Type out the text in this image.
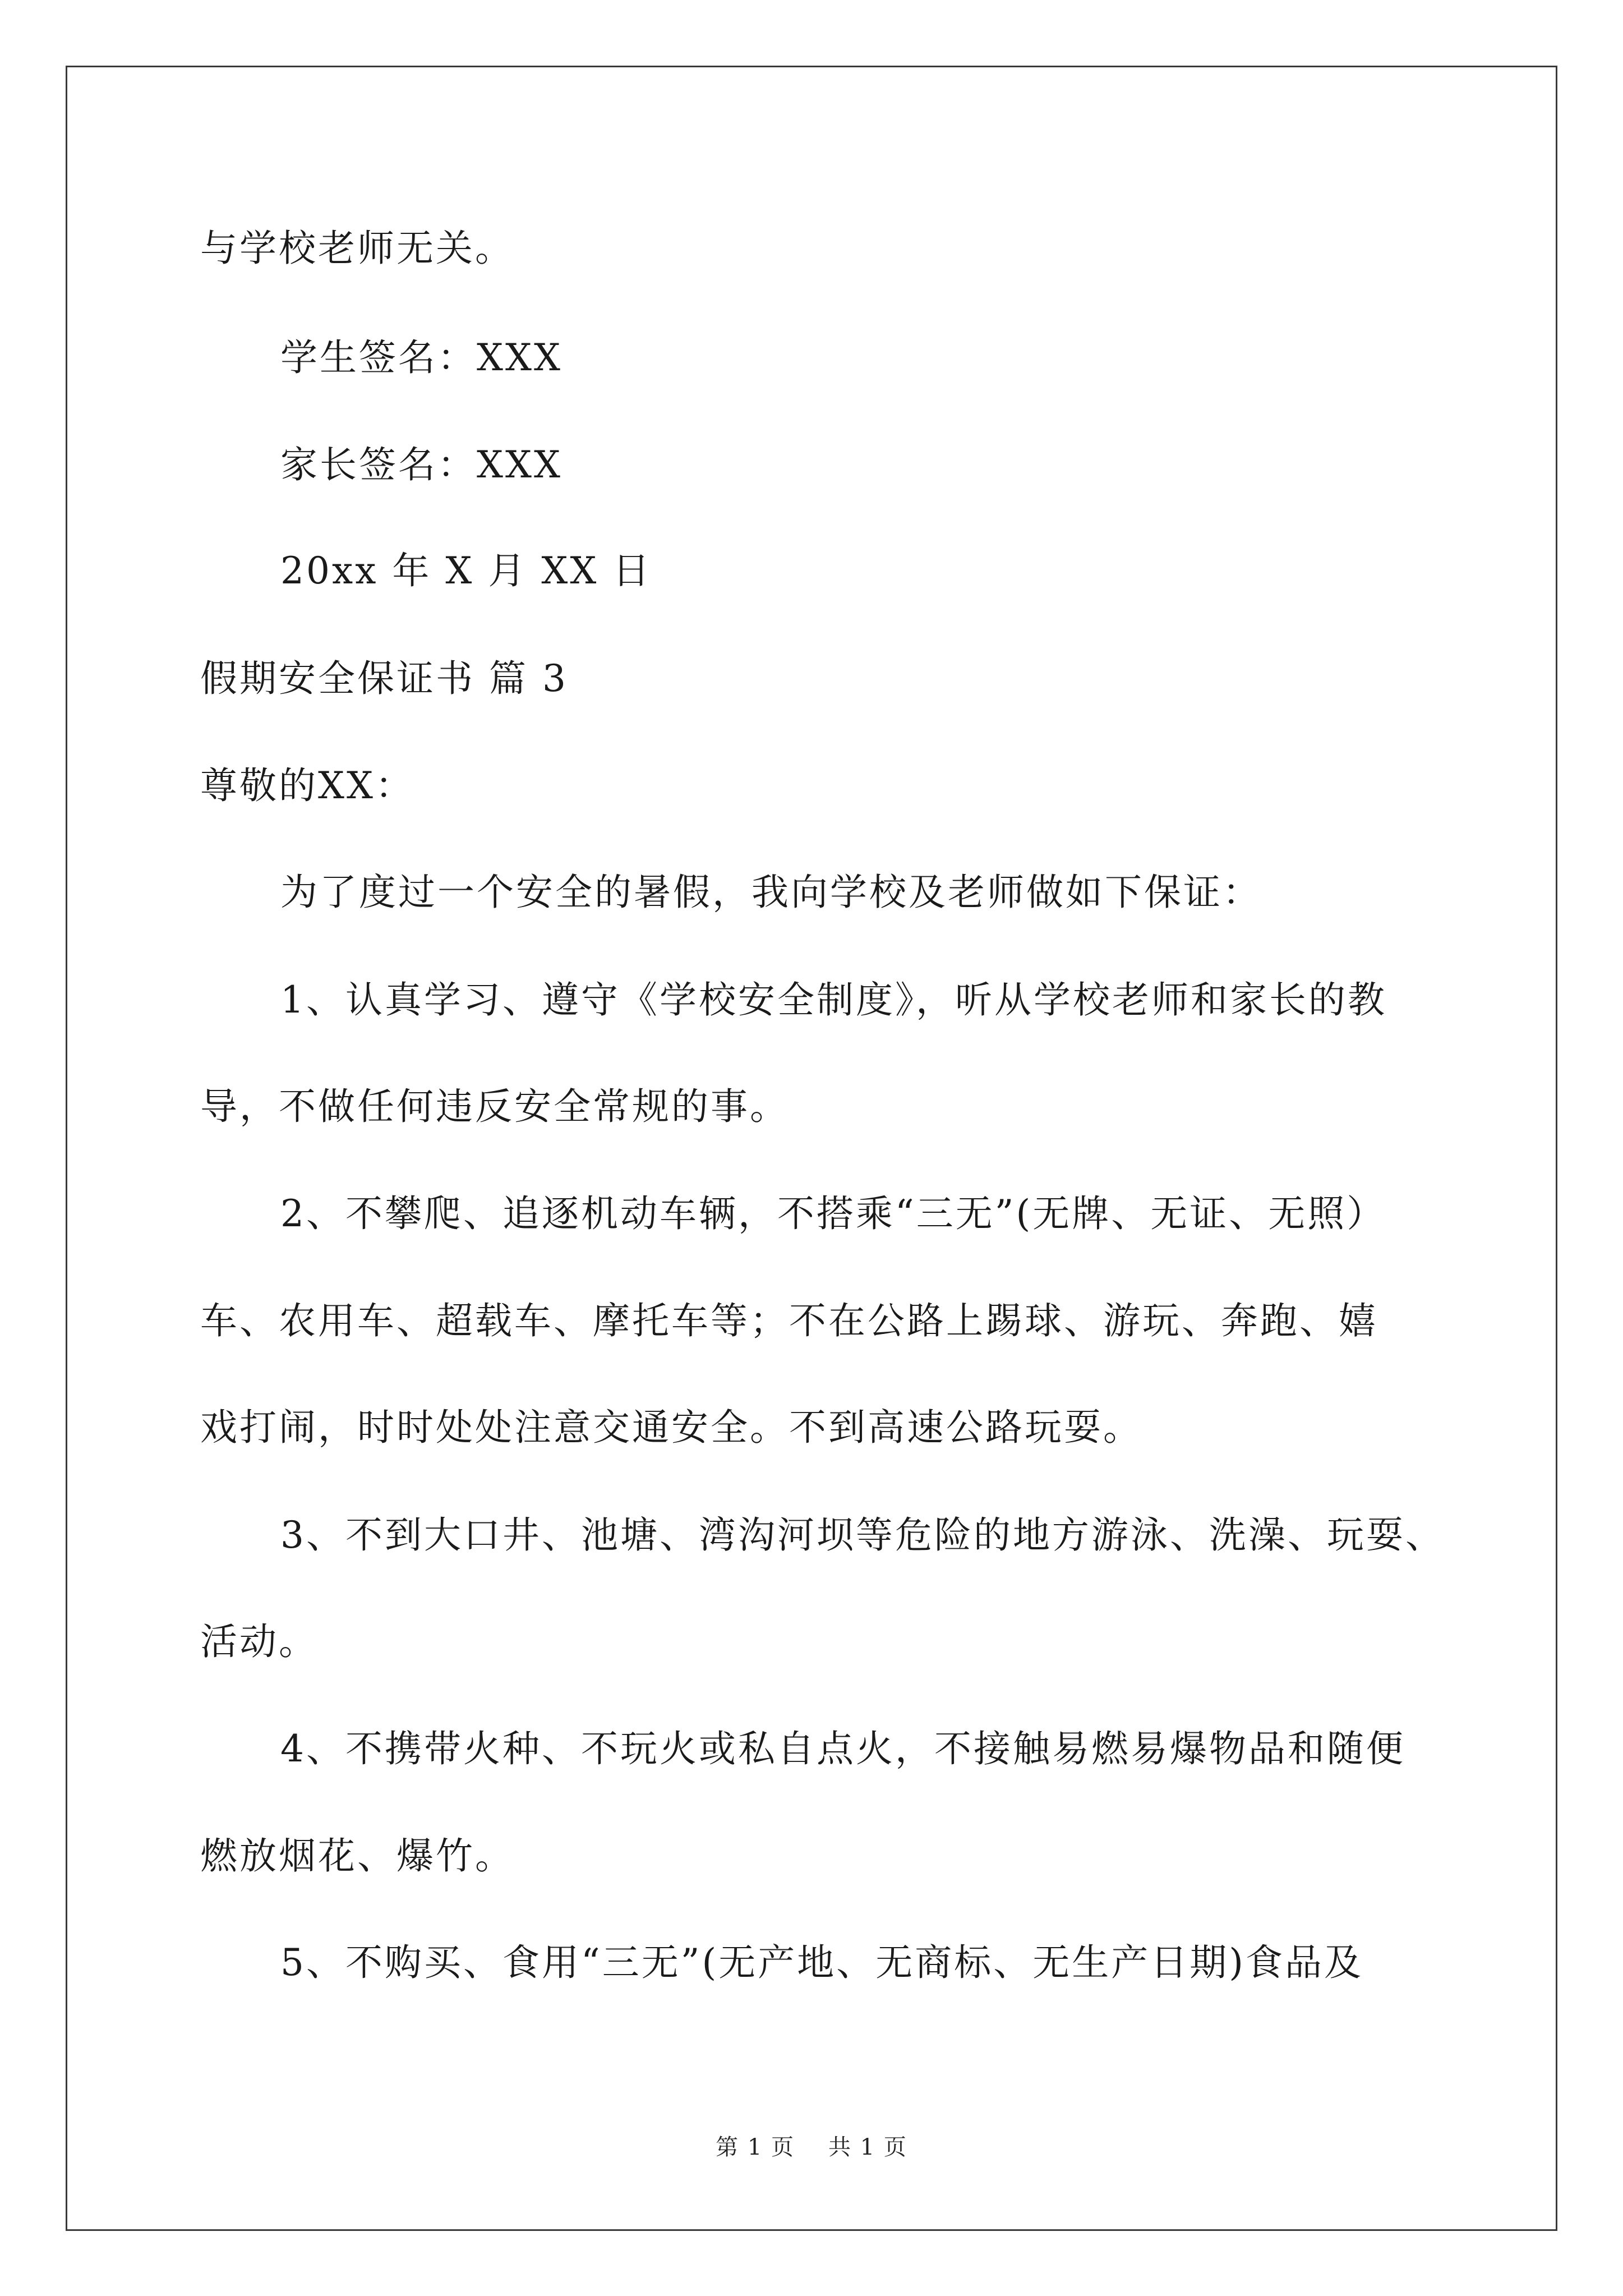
与学校老师无关。
学生签名：XXX
家长签名：XXX
20xx 年 X 月 XX 日
假期安全保证书 篇 3
尊敬的XX：
为了度过一个安全的暑假，我向学校及老师做如下保证：
1、认真学习、遵守《学校安全制度》，听从学校老师和家长的教
导，不做任何违反安全常规的事。
2、不攀爬、追逐机动车辆，不搭乘“三无”(无牌、无证、无照）
车、农用车、超载车、摩托车等；不在公路上踢球、游玩、奔跑、嬉
戏打闹，时时处处注意交通安全。不到高速公路玩耍。
3、不到大口井、池塘、湾沟河坝等危险的地方游泳、洗澡、玩耍、
活动。
4、不携带火种、不玩火或私自点火，不接触易燃易爆物品和随便
燃放烟花、爆竹。
5、不购买、食用“三无”(无产地、无商标、无生产日期)食品及
第 1 页 共 1 页
